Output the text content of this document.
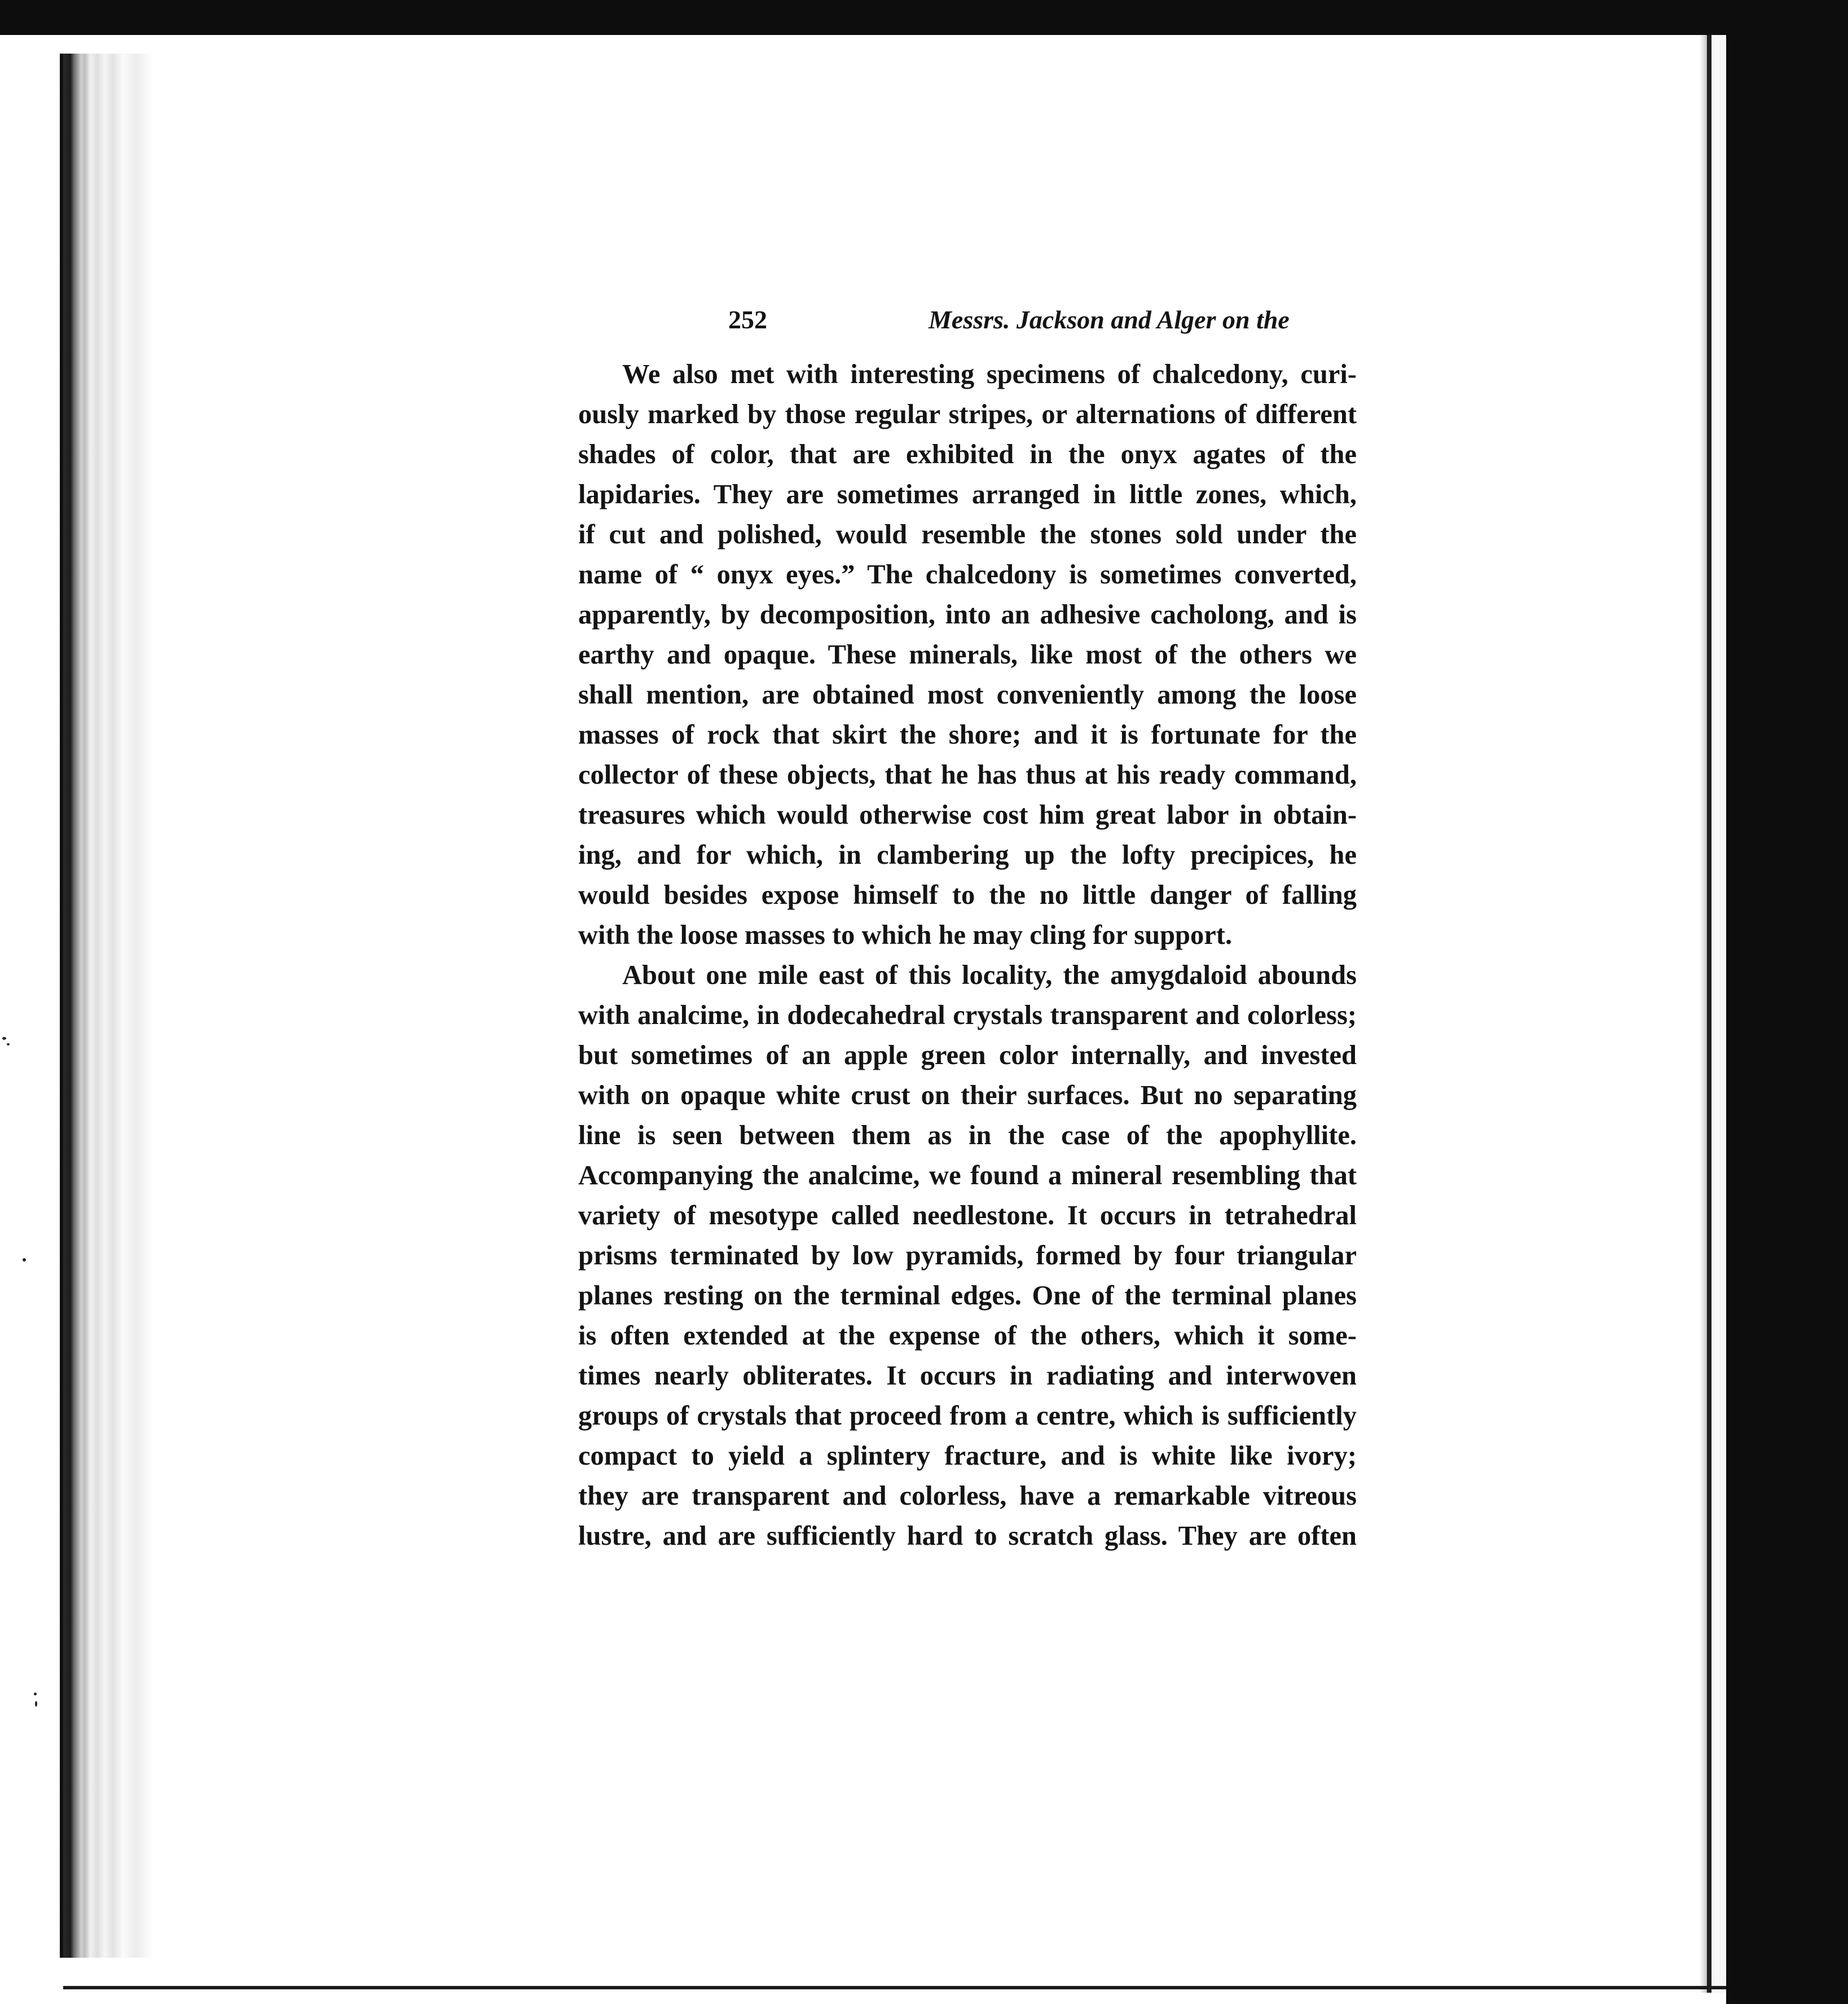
252	Messrs. Jackson and Alger on the
We also met with interesting specimens of chalcedony, curi-
ously marked by those regular stripes, or alternations of different
shades of color, that are exhibited in the onyx agates of the
lapidaries. They are sometimes arranged in little zones, which,
if cut and polished, would resemble the stones sold under the
name of “ onyx eyes.” The chalcedony is sometimes converted,
apparently, by decomposition, into an adhesive cacholong, and is
earthy and opaque. These minerals, like most of the others we
shall mention, are obtained most conveniently among the loose
masses of rock that skirt the shore; and it is fortunate for the
collector of these objects, that he has thus at his ready command,
treasures which would otherwise cost him great labor in obtain-
ing, and for which, in clambering up the lofty precipices, he
would besides expose himself to the no little danger of falling
with the loose masses to which he may cling for support.
About one mile east of this locality, the amygdaloid abounds
with analcime, in dodecahedral crystals transparent and colorless;
but sometimes of an apple green color internally, and invested
with on opaque white crust on their surfaces. But no separating
line is seen between them as in the case of the apophyllite.
Accompanying the analcime, we found a mineral resembling that
variety of mesotype called needlestone. It occurs in tetrahedral
prisms terminated by low pyramids, formed by four triangular
planes resting on the terminal edges. One of the terminal planes
is often extended at the expense of the others, which it some-
times nearly obliterates. It occurs in radiating and interwoven
groups of crystals that proceed from a centre, which is sufficiently
compact to yield a splintery fracture, and is white like ivory;
they are transparent and colorless, have a remarkable vitreous
lustre, and are sufficiently hard to scratch glass. They are often
